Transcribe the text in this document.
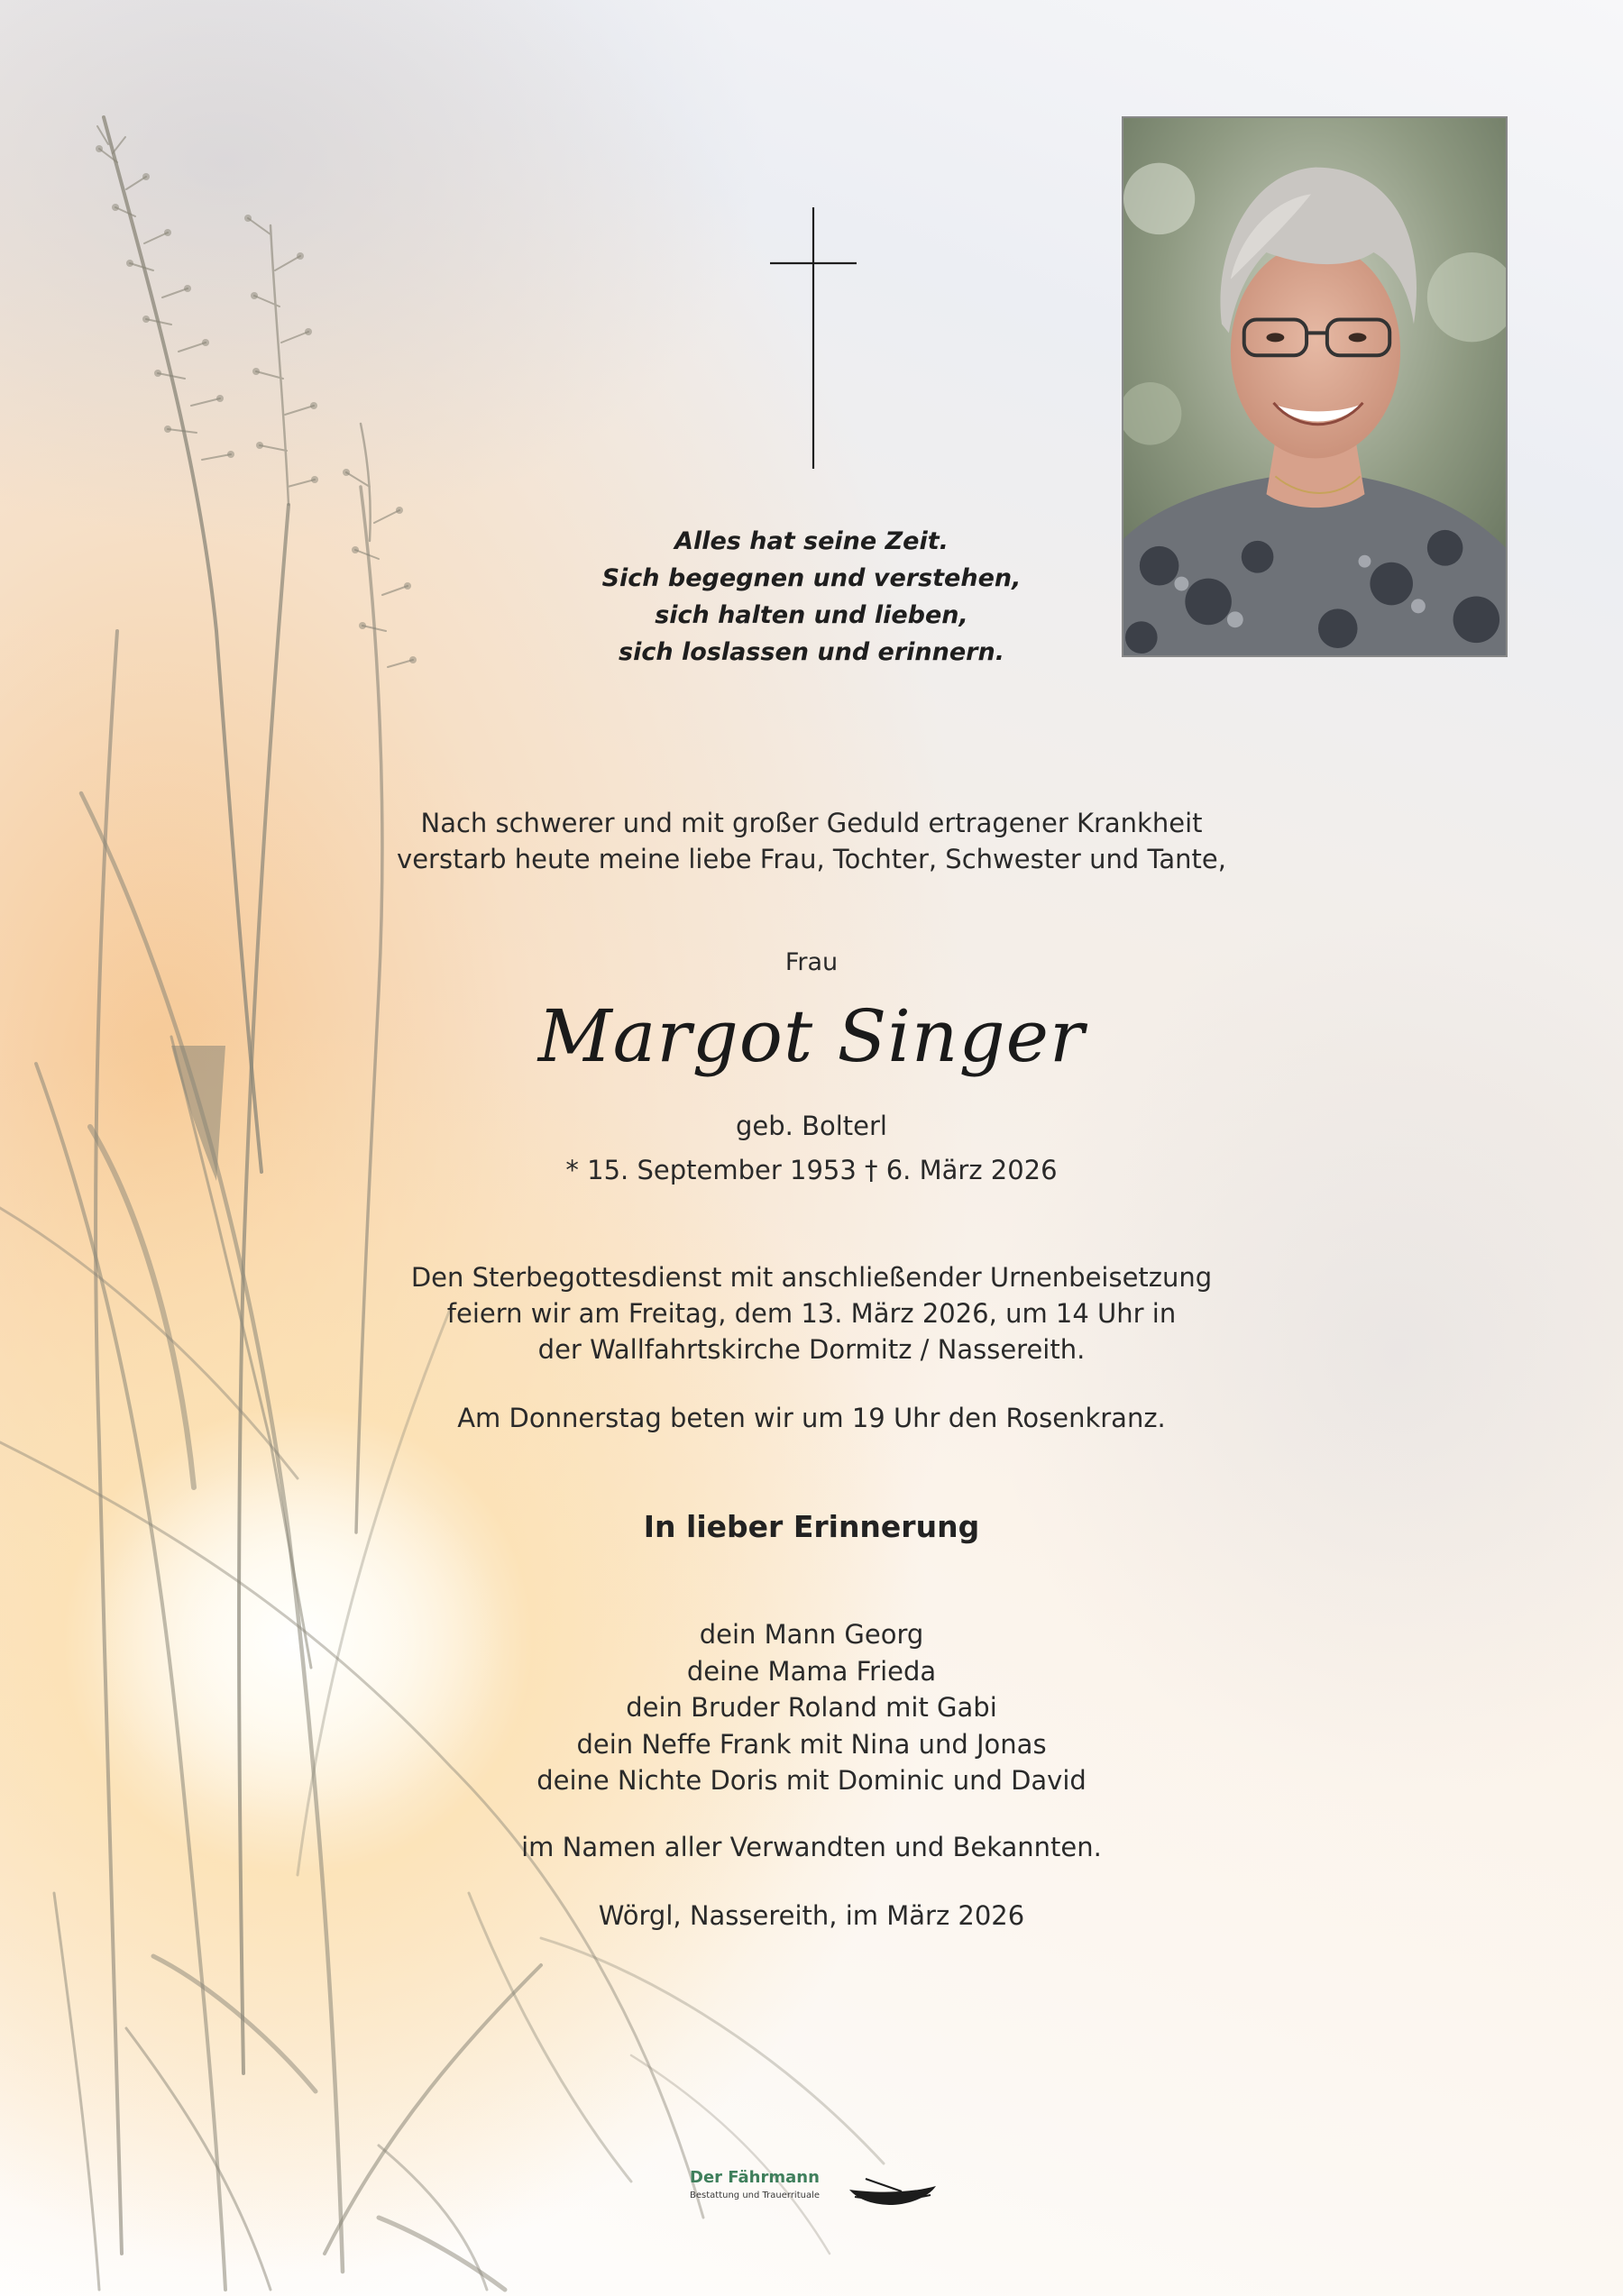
Alles hat seine Zeit.
Sich begegnen und verstehen,
sich halten und lieben,
sich loslassen und erinnern.
Nach schwerer und mit großer Geduld ertragener Krankheit
verstarb heute meine liebe Frau, Tochter, Schwester und Tante,
Frau
Margot Singer
geb. Bolterl
* 15. September 1953 † 6. März 2026
Den Sterbegottesdienst mit anschließender Urnenbeisetzung
feiern wir am Freitag, dem 13. März 2026, um 14 Uhr in
der Wallfahrtskirche Dormitz / Nassereith.
Am Donnerstag beten wir um 19 Uhr den Rosenkranz.
In lieber Erinnerung
dein Mann Georg
deine Mama Frieda
dein Bruder Roland mit Gabi
dein Neffe Frank mit Nina und Jonas
deine Nichte Doris mit Dominic und David
im Namen aller Verwandten und Bekannten.
Wörgl, Nassereith, im März 2026
Der Fährmann
Bestattung und Trauerrituale
